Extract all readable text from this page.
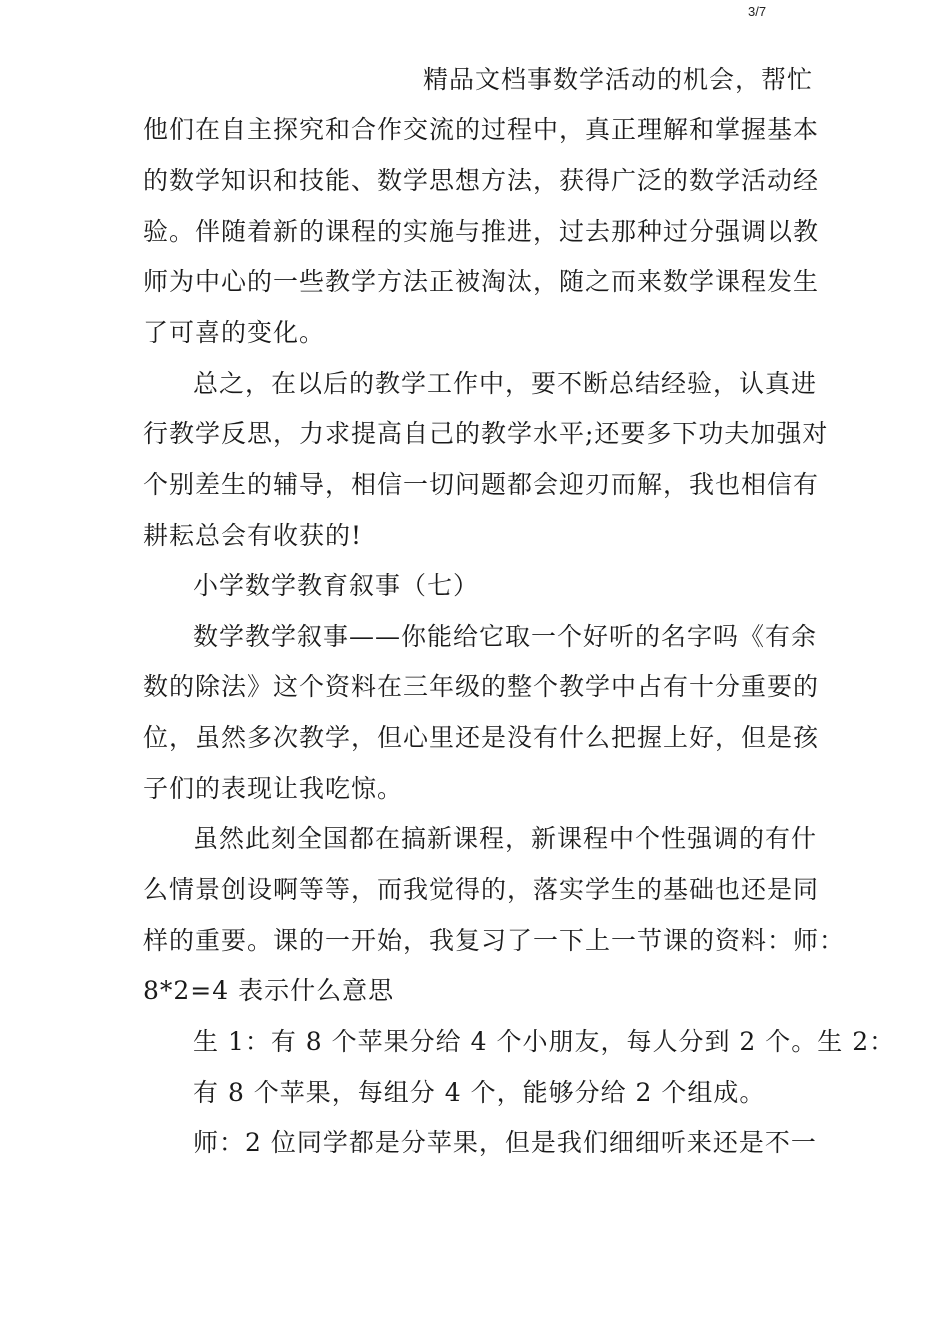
3/7
精品文档事数学活动的机会，帮忙
他们在自主探究和合作交流的过程中，真正理解和掌握基本
的数学知识和技能、数学思想方法，获得广泛的数学活动经
验。伴随着新的课程的实施与推进，过去那种过分强调以教
师为中心的一些教学方法正被淘汰，随之而来数学课程发生
了可喜的变化。
总之，在以后的教学工作中，要不断总结经验，认真进
行教学反思，力求提高自己的教学水平;还要多下功夫加强对
个别差生的辅导，相信一切问题都会迎刃而解，我也相信有
耕耘总会有收获的!
小学数学教育叙事（七）
数学教学叙事——你能给它取一个好听的名字吗《有余
数的除法》这个资料在三年级的整个教学中占有十分重要的
位，虽然多次教学，但心里还是没有什么把握上好，但是孩
子们的表现让我吃惊。
虽然此刻全国都在搞新课程，新课程中个性强调的有什
么情景创设啊等等，而我觉得的，落实学生的基础也还是同
样的重要。课的一开始，我复习了一下上一节课的资料：师：
8*2=4 表示什么意思
生 1：有 8 个苹果分给 4 个小朋友，每人分到 2 个。生 2：
有 8 个苹果，每组分 4 个，能够分给 2 个组成。
师：2 位同学都是分苹果，但是我们细细听来还是不一
